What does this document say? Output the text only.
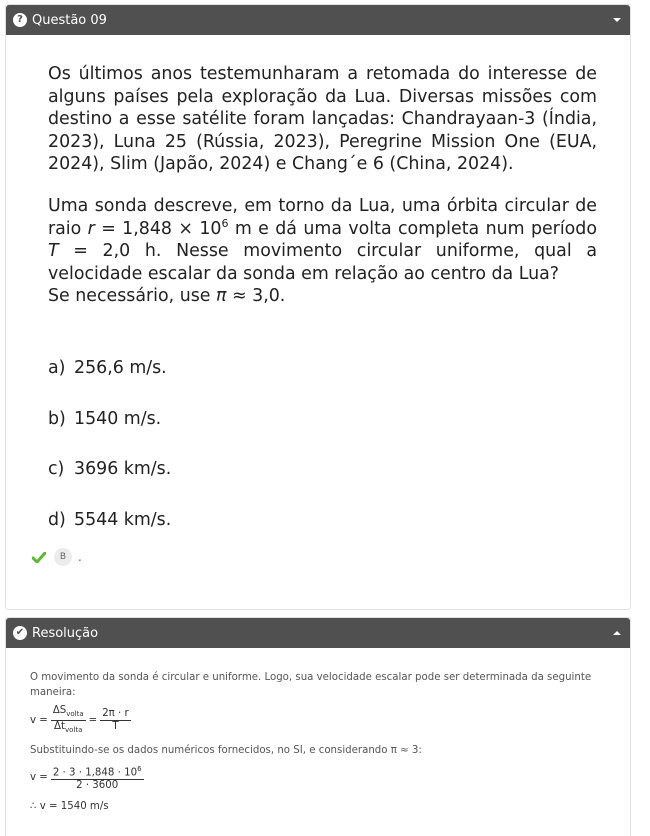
? Questão 09

Os últimos anos testemunharam a retomada do interesse de alguns países pela exploração da Lua. Diversas missões com destino a esse satélite foram lançadas: Chandrayaan-3 (Índia, 2023), Luna 25 (Rússia, 2023), Peregrine Mission One (EUA, 2024), Slim (Japão, 2024) e Chang´e 6 (China, 2024).

Uma sonda descreve, em torno da Lua, uma órbita circular de raio $r = 1,848 \times 10^6$ m e dá uma volta completa num período T = 2,0 h. Nesse movimento circular uniforme, qual a velocidade escalar da sonda em relação ao centro da Lua?
Se necessário, use π ≈ 3,0.

a) 256,6 m/s.
b) 1540 m/s.
c) 3696 km/s.
d) 5544 km/s.
B .
✔ Resolução
O movimento da sonda é circular e uniforme. Logo, sua velocidade escalar pode ser determinada da seguinte maneira:
$v = \frac{\Delta S_{volta}}{\Delta t_{volta}} = \frac{2\pi \cdot r}{T}$
Substituindo-se os dados numéricos fornecidos, no SI, e considerando π ≈ 3:
$v = \frac{2 \cdot 3 \cdot 1,848 \cdot 10^6}{2 \cdot 3600}$
∴ v = 1540 m/s
